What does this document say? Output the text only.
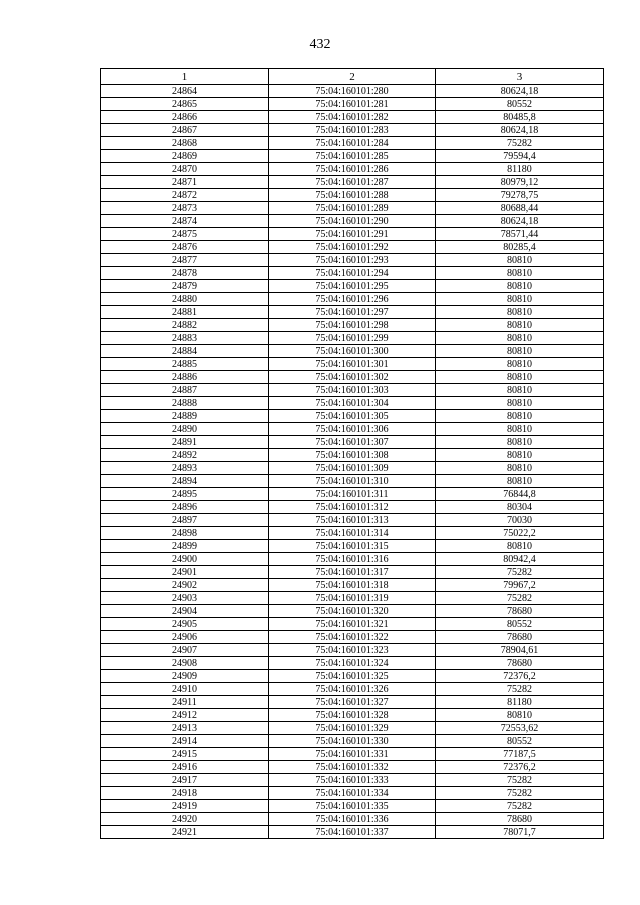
432
1	2	3
24864	75:04:160101:280	80624,18
24865	75:04:160101:281	80552
24866	75:04:160101:282	80485,8
24867	75:04:160101:283	80624,18
24868	75:04:160101:284	75282
24869	75:04:160101:285	79594,4
24870	75:04:160101:286	81180
24871	75:04:160101:287	80979,12
24872	75:04:160101:288	79278,75
24873	75:04:160101:289	80688,44
24874	75:04:160101:290	80624,18
24875	75:04:160101:291	78571,44
24876	75:04:160101:292	80285,4
24877	75:04:160101:293	80810
24878	75:04:160101:294	80810
24879	75:04:160101:295	80810
24880	75:04:160101:296	80810
24881	75:04:160101:297	80810
24882	75:04:160101:298	80810
24883	75:04:160101:299	80810
24884	75:04:160101:300	80810
24885	75:04:160101:301	80810
24886	75:04:160101:302	80810
24887	75:04:160101:303	80810
24888	75:04:160101:304	80810
24889	75:04:160101:305	80810
24890	75:04:160101:306	80810
24891	75:04:160101:307	80810
24892	75:04:160101:308	80810
24893	75:04:160101:309	80810
24894	75:04:160101:310	80810
24895	75:04:160101:311	76844,8
24896	75:04:160101:312	80304
24897	75:04:160101:313	70030
24898	75:04:160101:314	75022,2
24899	75:04:160101:315	80810
24900	75:04:160101:316	80942,4
24901	75:04:160101:317	75282
24902	75:04:160101:318	79967,2
24903	75:04:160101:319	75282
24904	75:04:160101:320	78680
24905	75:04:160101:321	80552
24906	75:04:160101:322	78680
24907	75:04:160101:323	78904,61
24908	75:04:160101:324	78680
24909	75:04:160101:325	72376,2
24910	75:04:160101:326	75282
24911	75:04:160101:327	81180
24912	75:04:160101:328	80810
24913	75:04:160101:329	72553,62
24914	75:04:160101:330	80552
24915	75:04:160101:331	77187,5
24916	75:04:160101:332	72376,2
24917	75:04:160101:333	75282
24918	75:04:160101:334	75282
24919	75:04:160101:335	75282
24920	75:04:160101:336	78680
24921	75:04:160101:337	78071,7
